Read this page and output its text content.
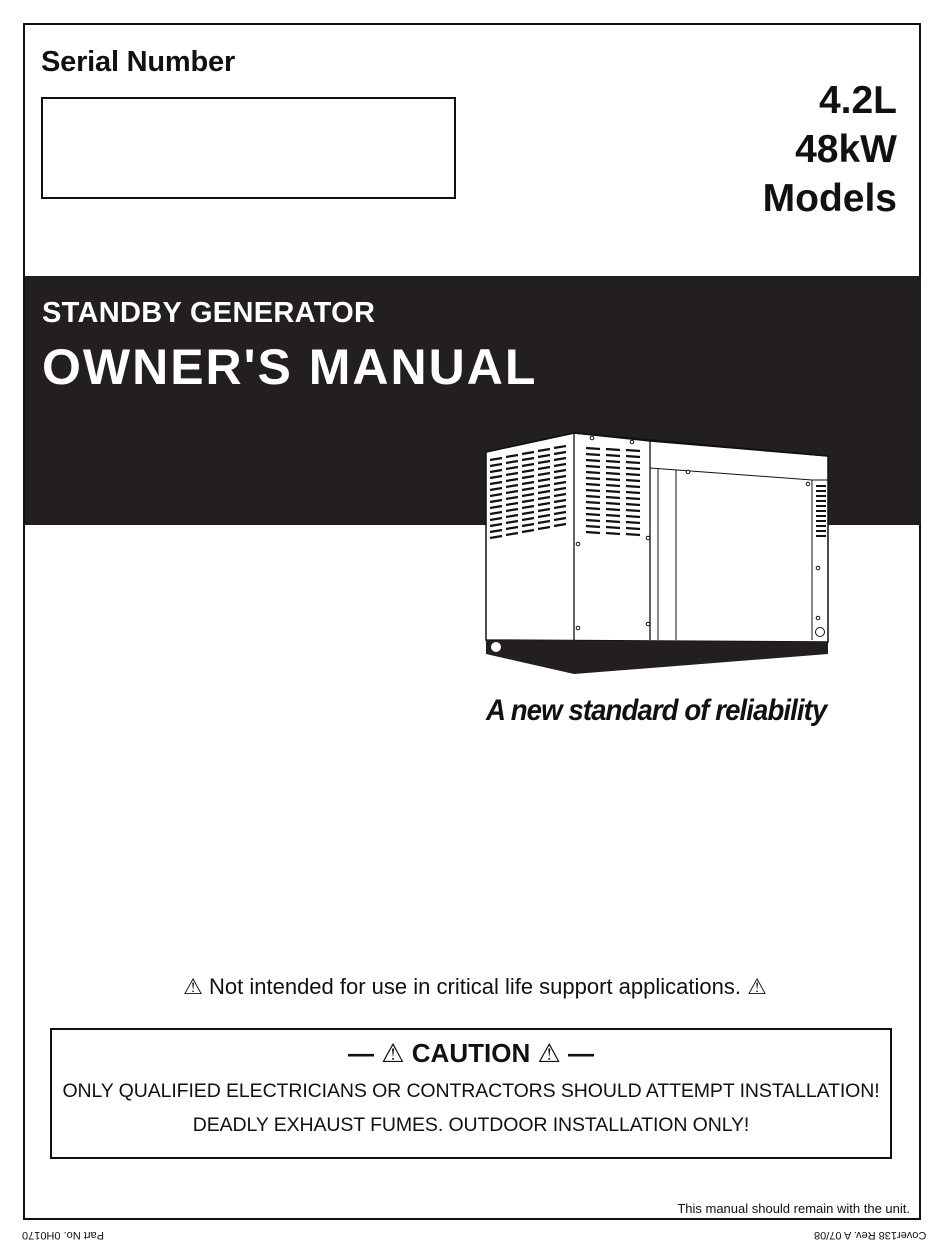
Serial Number
4.2L
48kW
Models
STANDBY GENERATOR
OWNER'S MANUAL
A new standard of reliability
⚠ Not intended for use in critical life support applications. ⚠
— ⚠ CAUTION ⚠ —
ONLY QUALIFIED ELECTRICIANS OR CONTRACTORS SHOULD ATTEMPT INSTALLATION!
DEADLY EXHAUST FUMES. OUTDOOR INSTALLATION ONLY!
This manual should remain with the unit.
Part No. 0H0170	Cover138 Rev. A 07/08
